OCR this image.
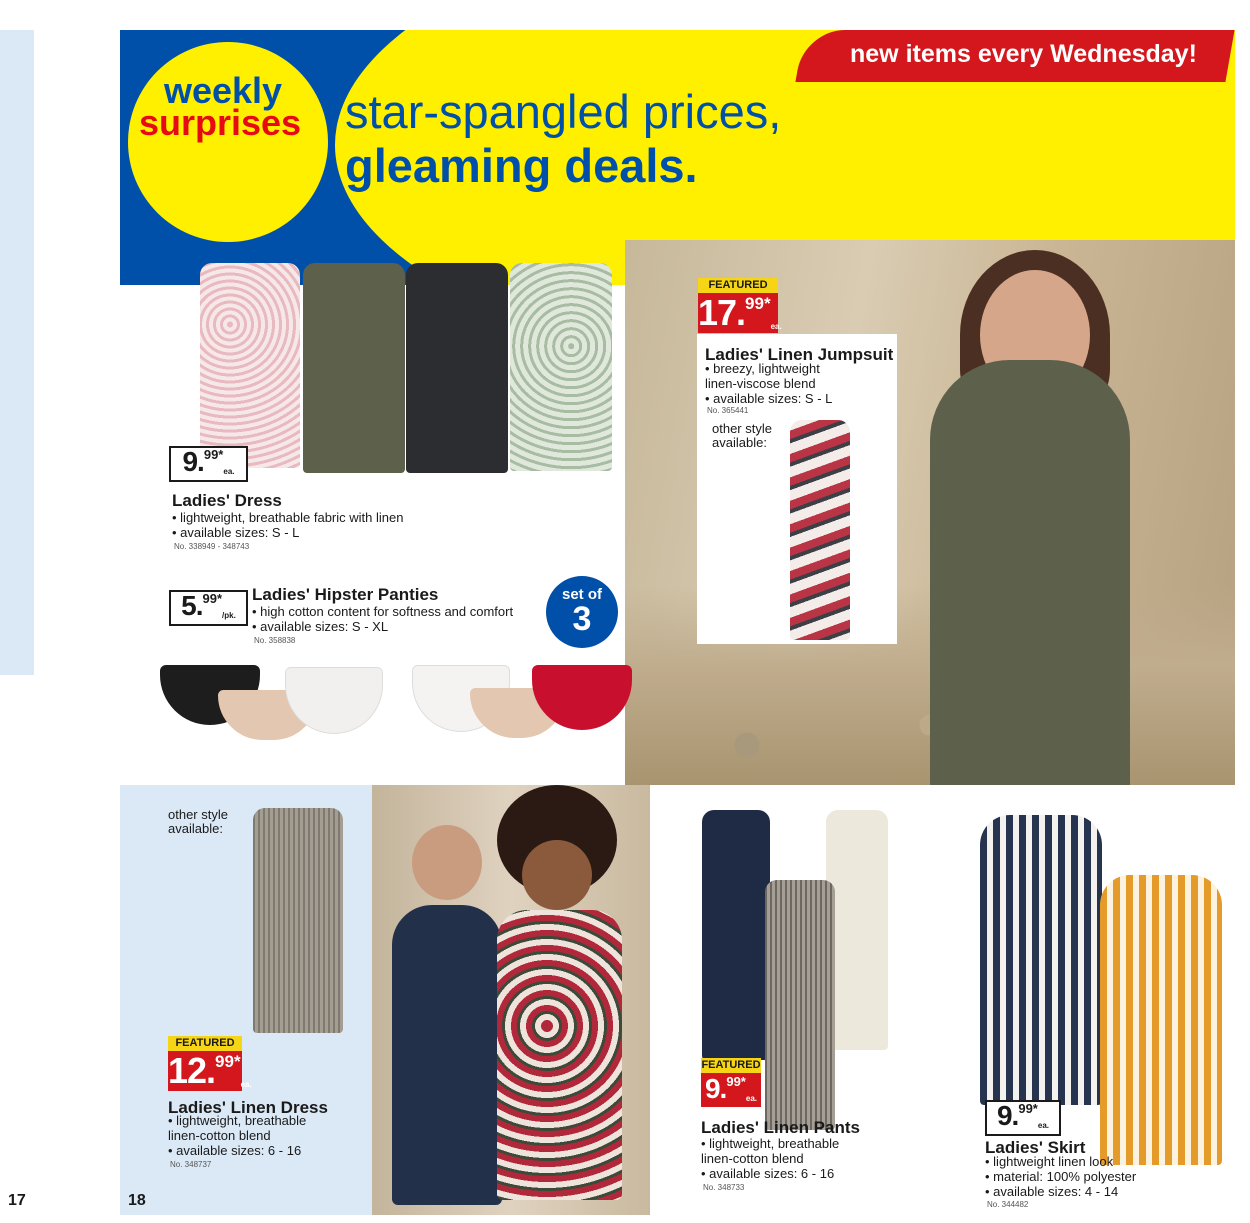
weekly
surprises star-spangled prices,
gleaming deals.
new items every Wednesday!
FEATURED
17.99*ea.
Ladies' Linen Jumpsuit
• breezy, lightweight
linen-viscose blend
• available sizes: S - L
No. 365441
other style
available:
9.$^{99*}$ea.
Ladies' Dress
• lightweight, breathable fabric with linen
• available sizes: S - L
No. 338949 - 348743
5.$^{99*}$/pk.
Ladies' Hipster Panties
• high cotton content for softness and comfort
• available sizes: S - XL
No. 358838
set of
3
other style
available:
FEATURED
12.99*ea.
Ladies' Linen Dress
• lightweight, breathable
linen-cotton blend
• available sizes: 6 - 16
No. 348737
FEATURED
9.$^{99*}$ea.
Ladies' Linen Pants
• lightweight, breathable
linen-cotton blend
• available sizes: 6 - 16
No. 348733
9.$^{99*}$ea.
Ladies' Skirt
• lightweight linen look
• material: 100% polyester
• available sizes: 4 - 14
No. 344482
17	18
